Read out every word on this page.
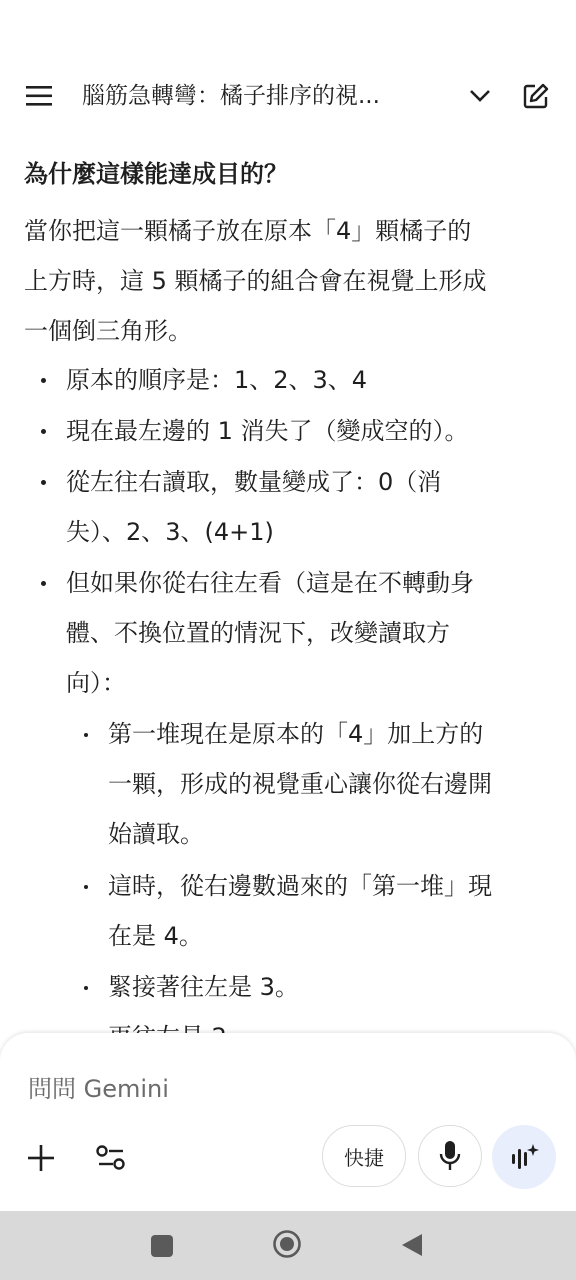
腦筋急轉彎：橘子排序的視...
為什麼這樣能達成目的？
當你把這一顆橘子放在原本「4」顆橘子的
上方時，這 5 顆橘子的組合會在視覺上形成
一個倒三角形。
原本的順序是：1、2、3、4
現在最左邊的 1 消失了（變成空的）。
從左往右讀取，數量變成了：0（消
失）、2、3、(4+1)
但如果你從右往左看（這是在不轉動身
體、不換位置的情況下，改變讀取方
向）：
第一堆現在是原本的「4」加上方的
一顆，形成的視覺重心讓你從右邊開
始讀取。
這時，從右邊數過來的「第一堆」現
在是 4。
緊接著往左是 3。
問問 Gemini
快捷
